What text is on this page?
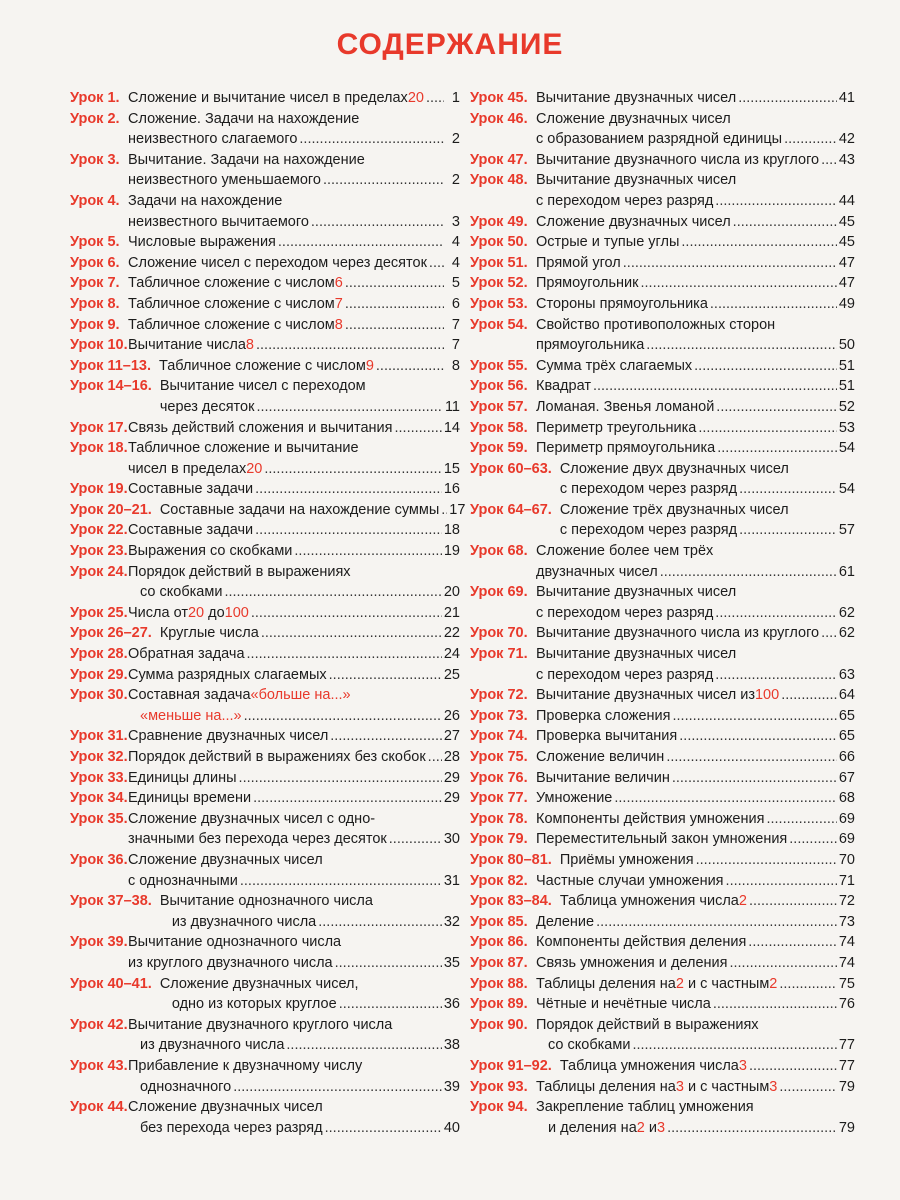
СОДЕРЖАНИЕ
Урок 1. Сложение и вычитание чисел в пределах20 .....	1
Урок 2. Сложение. Задачи на нахождение
неизвестного слагаемого .....	2
Урок 3. Вычитание. Задачи на нахождение
неизвестного уменьшаемого .....	2
Урок 4. Задачи на нахождение
неизвестного вычитаемого .....	3
Урок 5. Числовые выражения .....	4
Урок 6. Сложение чисел с переходом через десяток .....	4
Урок 7. Табличное сложение с числом6 .....	5
Урок 8. Табличное сложение с числом7 .....	6
Урок 9. Табличное сложение с числом8 .....	7
Урок 10. Вычитание числа8 .....	7
Урок 11–13. Табличное сложение с числом9 .....	8
Урок 14–16. Вычитание чисел с переходом
через десяток .....	11
Урок 17. Связь действий сложения и вычитания .....	14
Урок 18. Табличное сложение и вычитание
чисел в пределах20 .....	15
Урок 19. Составные задачи .....	16
Урок 20–21. Составные задачи на нахождение суммы ..... 17
Урок 22. Составные задачи .....	18
Урок 23. Выражения со скобками .....	19
Урок 24. Порядок действий в выражениях
со скобками .....	20
Урок 25. Числа от20 до100 .....	21
Урок 26–27. Круглые числа .....	22
Урок 28. Обратная задача .....	24
Урок 29. Сумма разрядных слагаемых .....	25
Урок 30. Составная задача«больше на...»
«меньше на...» .....	26
Урок 31. Сравнение двузначных чисел .....	27
Урок 32. Порядок действий в выражениях без скобок ..... 28
Урок 33. Единицы длины .....	29
Урок 34. Единицы времени .....	29
Урок 35. Сложение двузначных чисел с одно-
значными без перехода через десяток .....	30
Урок 36. Сложение двузначных чисел
с однозначными .....	31
Урок 37–38. Вычитание однозначного числа
из двузначного числа .....	32
Урок 39. Вычитание однозначного числа
из круглого двузначного числа .....	35
Урок 40–41. Сложение двузначных чисел,
одно из которых круглое .....	36
Урок 42. Вычитание двузначного круглого числа
из двузначного числа .....	38
Урок 43. Прибавление к двузначному числу
однозначного .....	39
Урок 44. Сложение двузначных чисел
без перехода через разряд .....	40
Урок 45. Вычитание двузначных чисел .....	41
Урок 46. Сложение двузначных чисел
с образованием разрядной единицы .....	42
Урок 47. Вычитание двузначного числа из круглого ..... 43
Урок 48. Вычитание двузначных чисел
с переходом через разряд .....	44
Урок 49. Сложение двузначных чисел .....	45
Урок 50. Острые и тупые углы .....	45
Урок 51. Прямой угол .....	47
Урок 52. Прямоугольник .....	47
Урок 53. Стороны прямоугольника .....	49
Урок 54. Свойство противоположных сторон
прямоугольника .....	50
Урок 55. Сумма трёх слагаемых .....	51
Урок 56. Квадрат .....	51
Урок 57. Ломаная. Звенья ломаной .....	52
Урок 58. Периметр треугольника .....	53
Урок 59. Периметр прямоугольника .....	54
Урок 60–63. Сложение двух двузначных чисел
с переходом через разряд .....	54
Урок 64–67. Сложение трёх двузначных чисел
с переходом через разряд .....	57
Урок 68. Сложение более чем трёх
двузначных чисел .....	61
Урок 69. Вычитание двузначных чисел
с переходом через разряд .....	62
Урок 70. Вычитание двузначного числа из круглого ..... 62
Урок 71. Вычитание двузначных чисел
с переходом через разряд .....	63
Урок 72. Вычитание двузначных чисел из100 .....	64
Урок 73. Проверка сложения .....	65
Урок 74. Проверка вычитания .....	65
Урок 75. Сложение величин .....	66
Урок 76. Вычитание величин .....	67
Урок 77. Умножение .....	68
Урок 78. Компоненты действия умножения .....	69
Урок 79. Переместительный закон умножения .....	69
Урок 80–81. Приёмы умножения .....	70
Урок 82. Частные случаи умножения .....	71
Урок 83–84. Таблица умножения числа2 .....	72
Урок 85. Деление .....	73
Урок 86. Компоненты действия деления .....	74
Урок 87. Связь умножения и деления .....	74
Урок 88. Таблицы деления на2 и с частным2 .....	75
Урок 89. Чётные и нечётные числа .....	76
Урок 90. Порядок действий в выражениях
со скобками .....	77
Урок 91–92. Таблица умножения числа3 .....	77
Урок 93. Таблицы деления на3 и с частным3 .....	79
Урок 94. Закрепление таблиц умножения
и деления на2 и3 .....	79
